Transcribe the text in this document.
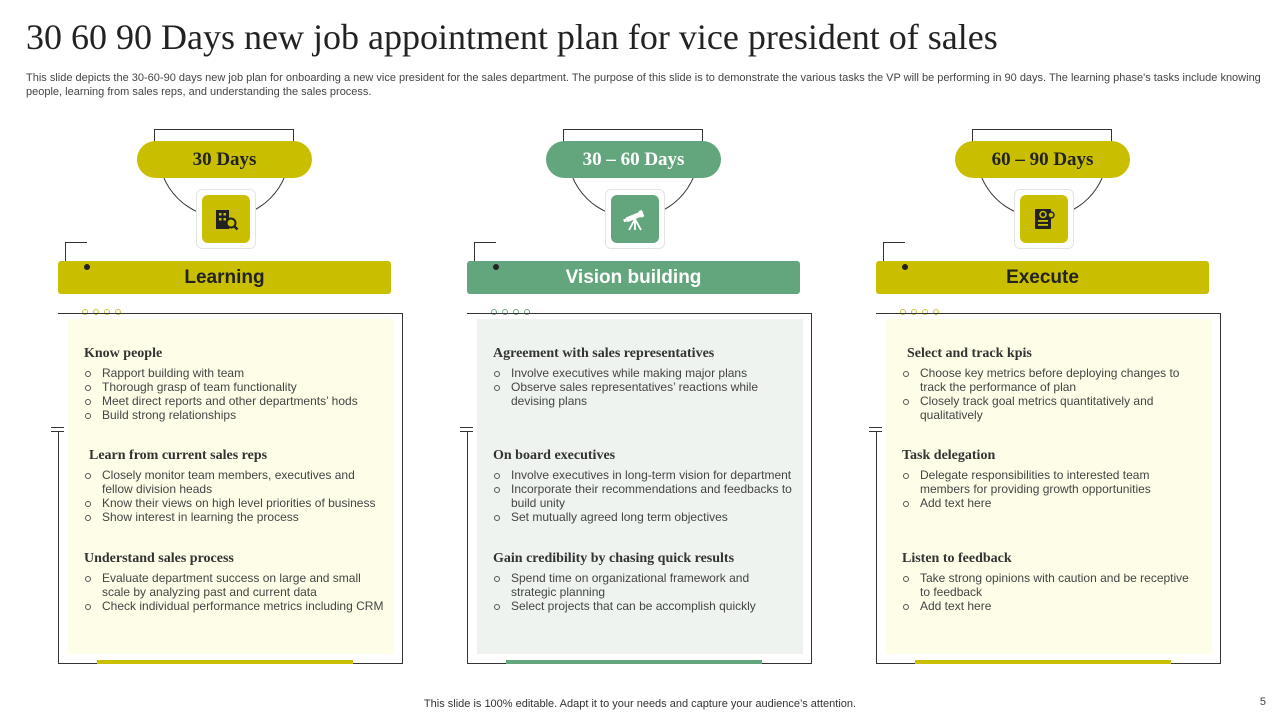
30 60 90 Days new job appointment plan for vice president of sales

This slide depicts the 30-60-90 days new job plan for onboarding a new vice president for the sales department. The purpose of this slide is to demonstrate the various tasks the VP will be performing in 90 days. The learning phase's tasks include knowing people, learning from sales reps, and understanding the sales process.

30 Days
Learning
Know people
Rapport building with team
Thorough grasp of team functionality
Meet direct reports and other departments’ hods
Build strong relationships
Learn from current sales reps
Closely monitor team members, executives and fellow division heads
Know their views on high level priorities of business
Show interest in learning the process
Understand sales process
Evaluate department success on large and small scale by analyzing past and current data
Check individual performance metrics including CRM
30 – 60 Days
Vision building
Agreement with sales representatives
Involve executives while making major plans
Observe sales representatives’ reactions while devising plans
On board executives
Involve executives in long-term vision for department
Incorporate their recommendations and feedbacks to build unity
Set mutually agreed long term objectives
Gain credibility by chasing quick results
Spend time on organizational framework and strategic planning
Select projects that can be accomplish quickly
60 – 90 Days
Execute
Select and track kpis
Choose key metrics before deploying changes to track the performance of plan
Closely track goal metrics quantitatively and qualitatively
Task delegation
Delegate responsibilities to interested team members for providing growth opportunities
Add text here
Listen to feedback
Take strong opinions with caution and be receptive to feedback
Add text here
This slide is 100% editable. Adapt it to your needs and capture your audience’s attention.	5
